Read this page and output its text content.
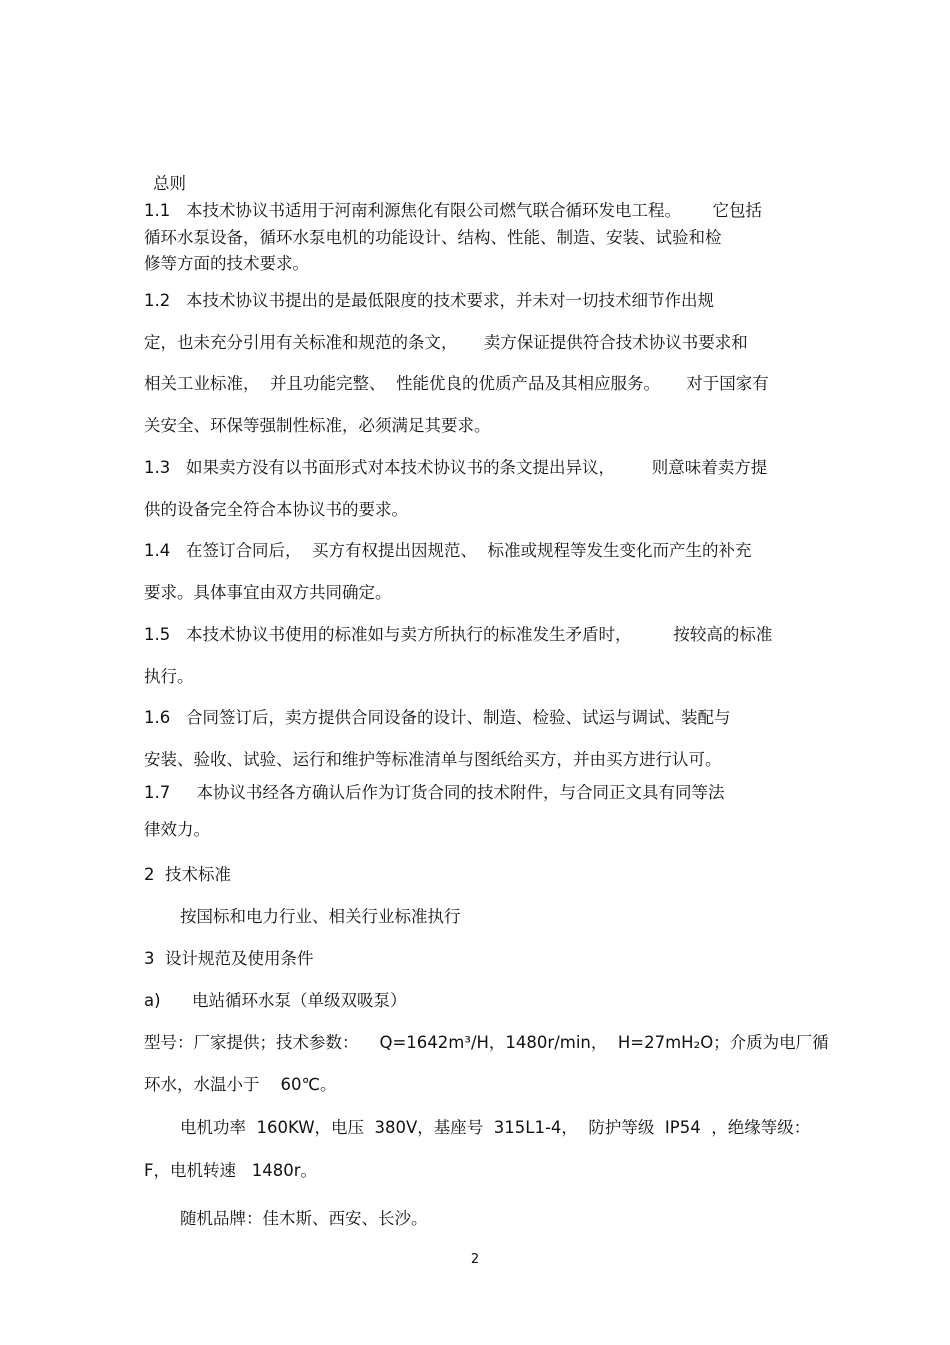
总则
1.1   本技术协议书适用于河南利源焦化有限公司燃气联合循环发电工程。      它包括
循环水泵设备，循环水泵电机的功能设计、结构、性能、制造、安装、试验和检
修等方面的技术要求。
1.2   本技术协议书提出的是最低限度的技术要求，并未对一切技术细节作出规
定，也未充分引用有关标准和规范的条文，     卖方保证提供符合技术协议书要求和
相关工业标准，  并且功能完整、  性能优良的优质产品及其相应服务。     对于国家有
关安全、环保等强制性标准，必须满足其要求。
1.3   如果卖方没有以书面形式对本技术协议书的条文提出异议，       则意味着卖方提
供的设备完全符合本协议书的要求。
1.4   在签订合同后，  买方有权提出因规范、  标准或规程等发生变化而产生的补充
要求。具体事宜由双方共同确定。
1.5   本技术协议书使用的标准如与卖方所执行的标准发生矛盾时，        按较高的标准
执行。
1.6   合同签订后，卖方提供合同设备的设计、制造、检验、试运与调试、装配与
安装、验收、试验、运行和维护等标准清单与图纸给买方，并由买方进行认可。
1.7     本协议书经各方确认后作为订货合同的技术附件，与合同正文具有同等法
律效力。
2  技术标准
按国标和电力行业、相关行业标准执行
3  设计规范及使用条件
a)      电站循环水泵（单级双吸泵）
型号：厂家提供；技术参数：    Q=1642m³/H，1480r/min，  H=27mH₂O；介质为电厂循
环水，水温小于    60℃。
电机功率  160KW，电压  380V，基座号  315L1-4，  防护等级  IP54  ，绝缘等级：
F，电机转速   1480r。
随机品牌：佳木斯、西安、长沙。
2
